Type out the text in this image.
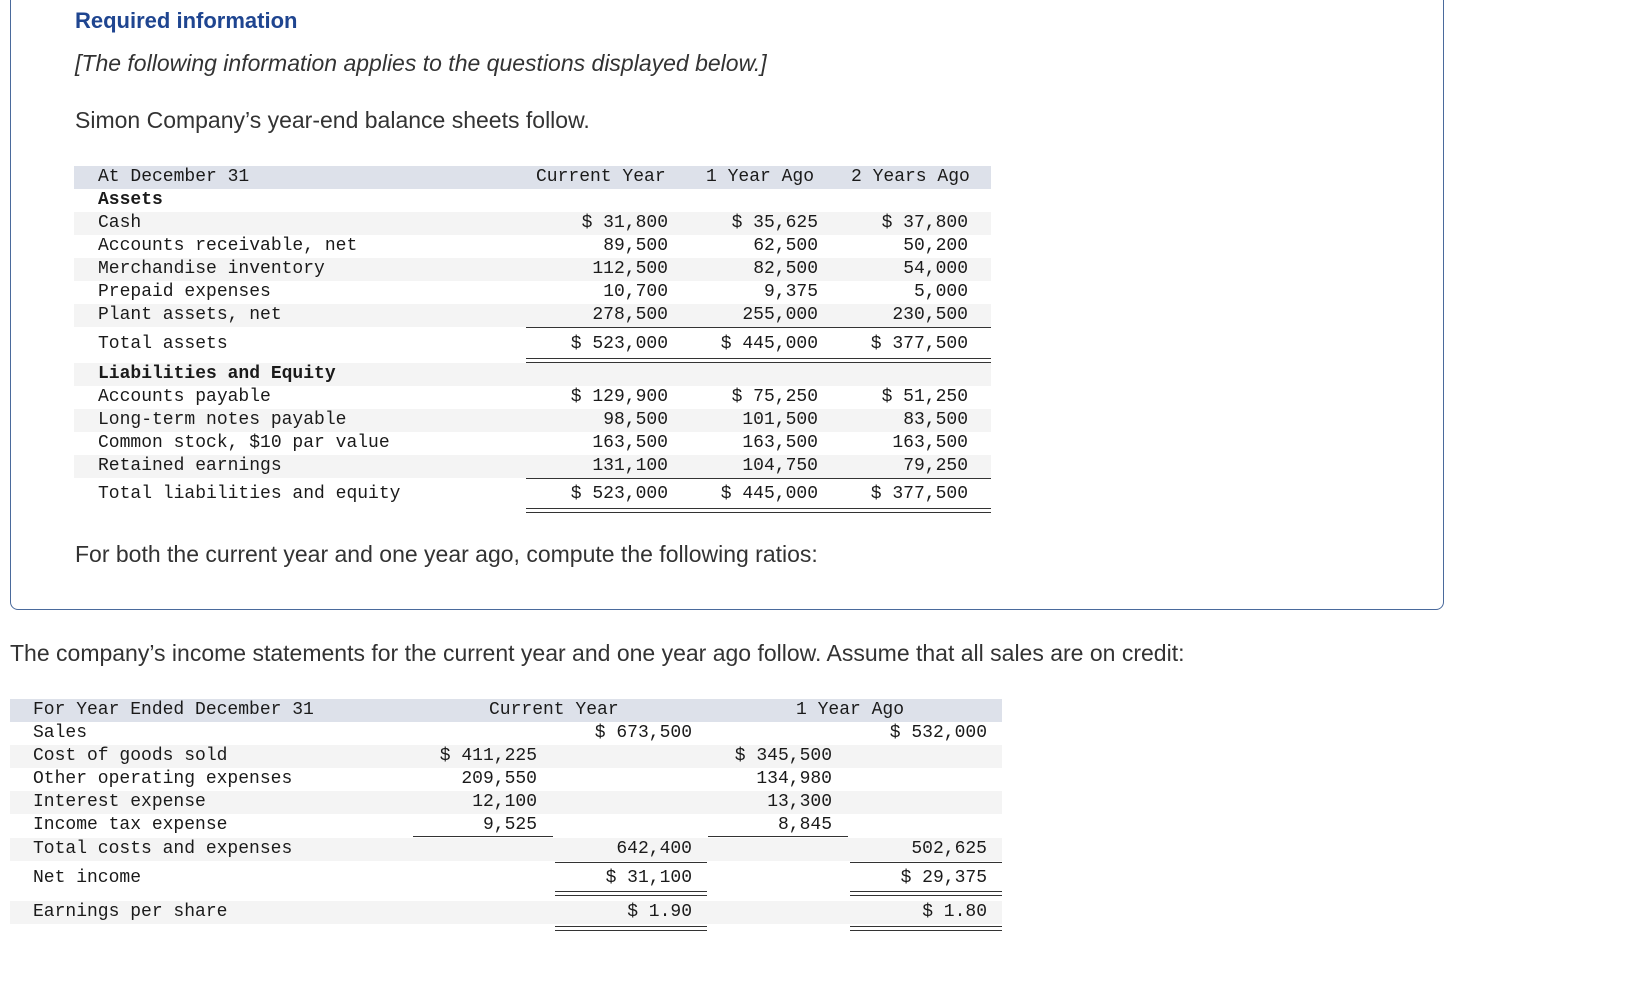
Required information
[The following information applies to the questions displayed below.]
Simon Company’s year-end balance sheets follow.
At December 31	Current Year 1 Year Ago 2 Years Ago
Assets
Cash	$ 31,800	$ 35,625	$ 37,800
Accounts receivable, net	89,500	62,500	50,200
Merchandise inventory	112,500	82,500	54,000
Prepaid expenses	10,700	9,375	5,000
Plant assets, net	278,500	255,000	230,500
Total assets	$ 523,000	$ 445,000	$ 377,500
Liabilities and Equity
Accounts payable	$ 129,900	$ 75,250	$ 51,250
Long-term notes payable	98,500	101,500	83,500
Common stock, $10 par value	163,500	163,500	163,500
Retained earnings	131,100	104,750	79,250
Total liabilities and equity	$ 523,000	$ 445,000	$ 377,500
For both the current year and one year ago, compute the following ratios:
The company’s income statements for the current year and one year ago follow. Assume that all sales are on credit:
For Year Ended December 31	Current Year	1 Year Ago
Sales	$ 673,500	$ 532,000
Cost of goods sold	$ 411,225	$ 345,500
Other operating expenses	209,550	134,980
Interest expense	12,100	13,300
Income tax expense	9,525	8,845
Total costs and expenses	642,400	502,625
Net income	$ 31,100	$ 29,375
Earnings per share	$ 1.90	$ 1.80
